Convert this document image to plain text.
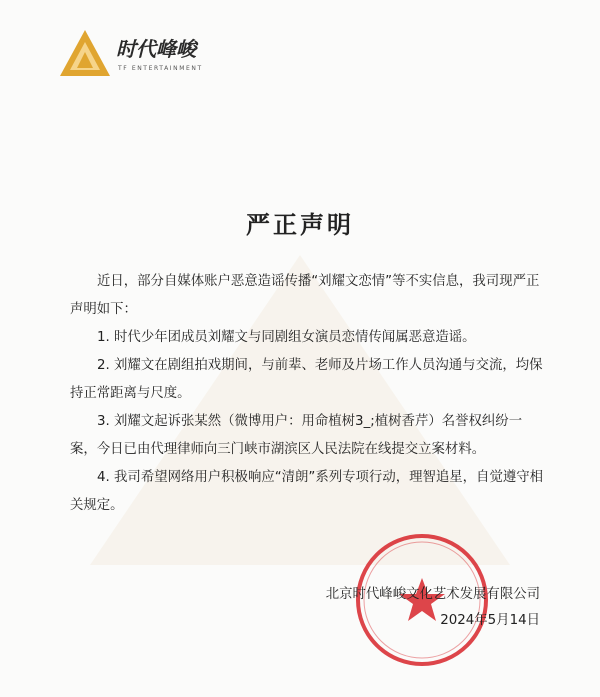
时代峰峻
TF ENTERTAINMENT
严正声明

近日，部分自媒体账户恶意造谣传播“刘耀文恋情”等不实信息，我司现严正声明如下：

1. 时代少年团成员刘耀文与同剧组女演员恋情传闻属恶意造谣。

2. 刘耀文在剧组拍戏期间，与前辈、老师及片场工作人员沟通与交流，均保持正常距离与尺度。

3. 刘耀文起诉张某然（微博用户：用命植树3_;植树香芹）名誉权纠纷一案，今日已由代理律师向三门峡市湖滨区人民法院在线提交立案材料。

4. 我司希望网络用户积极响应“清朗”系列专项行动，理智追星，自觉遵守相关规定。

北京时代峰峻文化艺术发展有限公司
2024年5月14日
